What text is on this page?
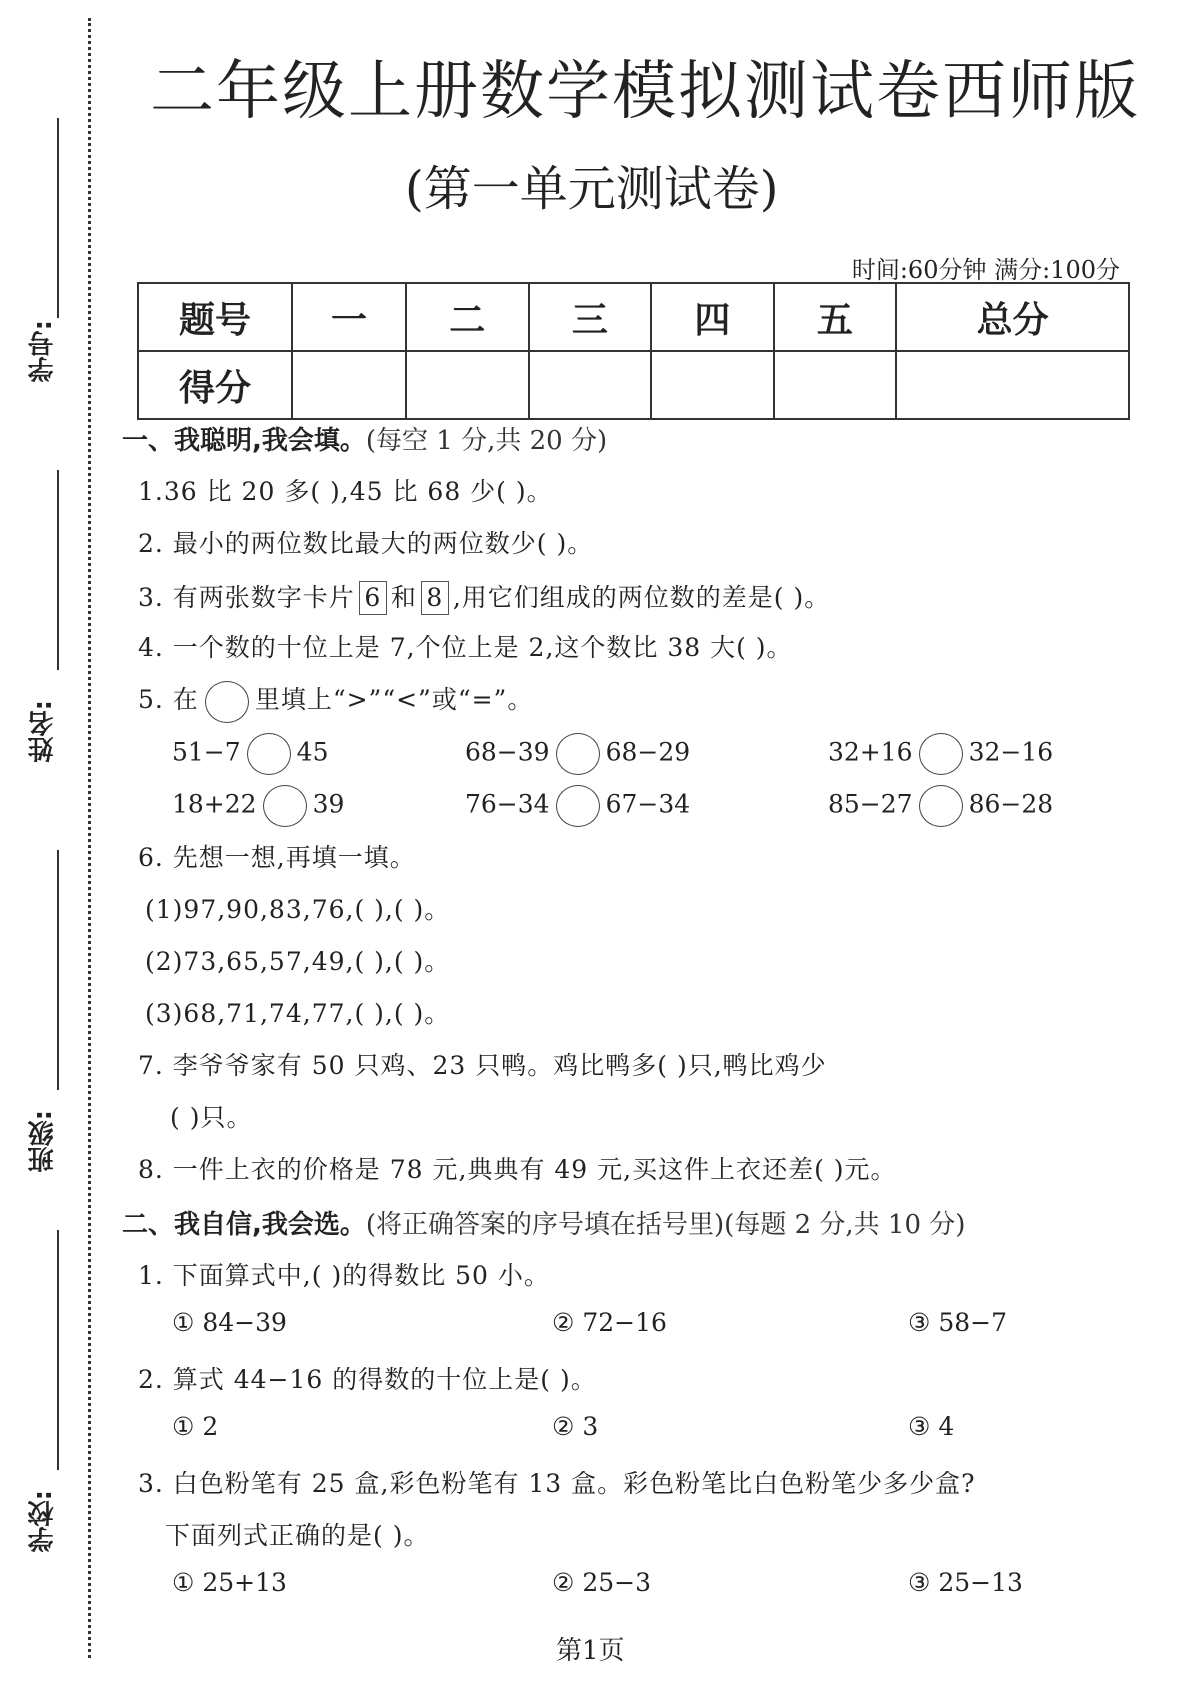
学号:
姓名:
班级:
学校:
二年级上册数学模拟测试卷西师版
(第一单元测试卷)
时间:60分钟 满分:100分
题号	一	二	三	四	五	总分
得分						
一、我聪明,我会填。(每空 1 分,共 20 分)
1.36 比 20 多( ),45 比 68 少( )。
2. 最小的两位数比最大的两位数少( )。
3. 有两张数字卡片 6 和 8 ,用它们组成的两位数的差是( )。
4. 一个数的十位上是 7,个位上是 2,这个数比 38 大( )。
5. 在 里填上“>”“<”或“=”。
51−7 45	68−39 68−29	32+16 32−16
18+22 39	76−34 67−34	85−27 86−28
6. 先想一想,再填一填。
(1)97,90,83,76,( ),( )。
(2)73,65,57,49,( ),( )。
(3)68,71,74,77,( ),( )。
7. 李爷爷家有 50 只鸡、23 只鸭。鸡比鸭多( )只,鸭比鸡少
( )只。
8. 一件上衣的价格是 78 元,典典有 49 元,买这件上衣还差( )元。
二、我自信,我会选。(将正确答案的序号填在括号里)(每题 2 分,共 10 分)
1. 下面算式中,( )的得数比 50 小。
① 84−39	② 72−16	③ 58−7
2. 算式 44−16 的得数的十位上是( )。
① 2	② 3	③ 4
3. 白色粉笔有 25 盒,彩色粉笔有 13 盒。彩色粉笔比白色粉笔少多少盒?
下面列式正确的是( )。
① 25+13	② 25−3	③ 25−13
第1页
